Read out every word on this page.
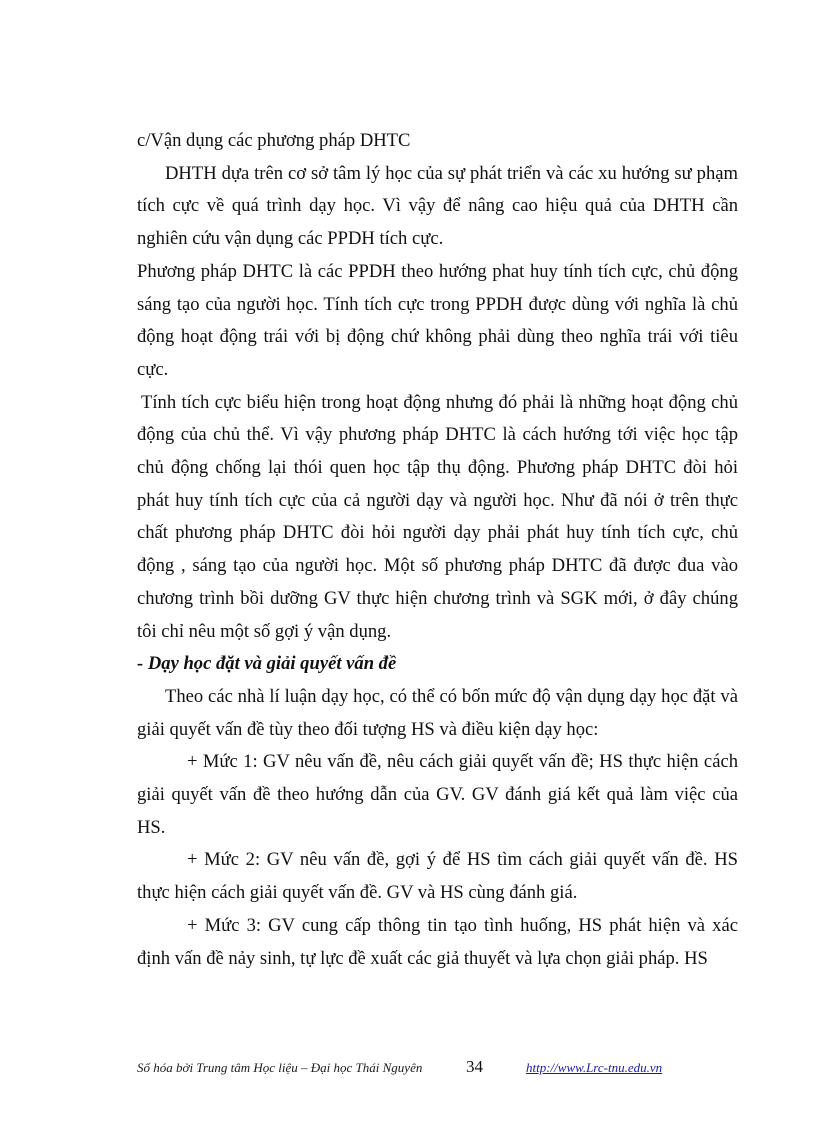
c/Vận dụng các phương pháp DHTC

DHTH dựa trên cơ sở tâm lý học của sự phát triển và các xu hướng sư phạm tích cực về quá trình dạy học. Vì vậy để nâng cao hiệu quả của DHTH cần nghiên cứu vận dụng các PPDH tích cực.

Phương pháp DHTC là các PPDH theo hướng phat huy tính tích cực, chủ động sáng tạo của người học. Tính tích cực trong PPDH được dùng với nghĩa là chủ động hoạt động trái với bị động chứ không phải dùng theo nghĩa trái với tiêu cực.

Tính tích cực biểu hiện trong hoạt động nhưng đó phải là những hoạt động chủ động của chủ thể. Vì vậy phương pháp DHTC là cách hướng tới việc học tập chủ động chống lại thói quen học tập thụ động. Phương pháp DHTC đòi hỏi phát huy tính tích cực của cả người dạy và người học. Như đã nói ở trên thực chất phương pháp DHTC đòi hỏi người dạy phải phát huy tính tích cực, chủ động , sáng tạo của người học. Một số phương pháp DHTC đã được đua vào chương trình bồi dưỡng GV thực hiện chương trình và SGK mới, ở đây chúng tôi chỉ nêu một số gợi ý vận dụng.

- Dạy học đặt và giải quyết vấn đề

Theo các nhà lí luận dạy học, có thể có bốn mức độ vận dụng dạy học đặt và giải quyết vấn đề tùy theo đối tượng HS và điều kiện dạy học:

+ Mức 1: GV nêu vấn đề, nêu cách giải quyết vấn đề; HS thực hiện cách giải quyết vấn đề theo hướng dẫn của GV. GV đánh giá kết quả làm việc của HS.

+ Mức 2: GV nêu vấn đề, gợi ý để HS tìm cách giải quyết vấn đề. HS thực hiện cách giải quyết vấn đề. GV và HS cùng đánh giá.

+ Mức 3: GV cung cấp thông tin tạo tình huống, HS phát hiện và xác định vấn đề nảy sinh, tự lực đề xuất các giả thuyết và lựa chọn giải pháp. HS

Số hóa bởi Trung tâm Học liệu – Đại học Thái Nguyên	34	http://www.Lrc-tnu.edu.vn
